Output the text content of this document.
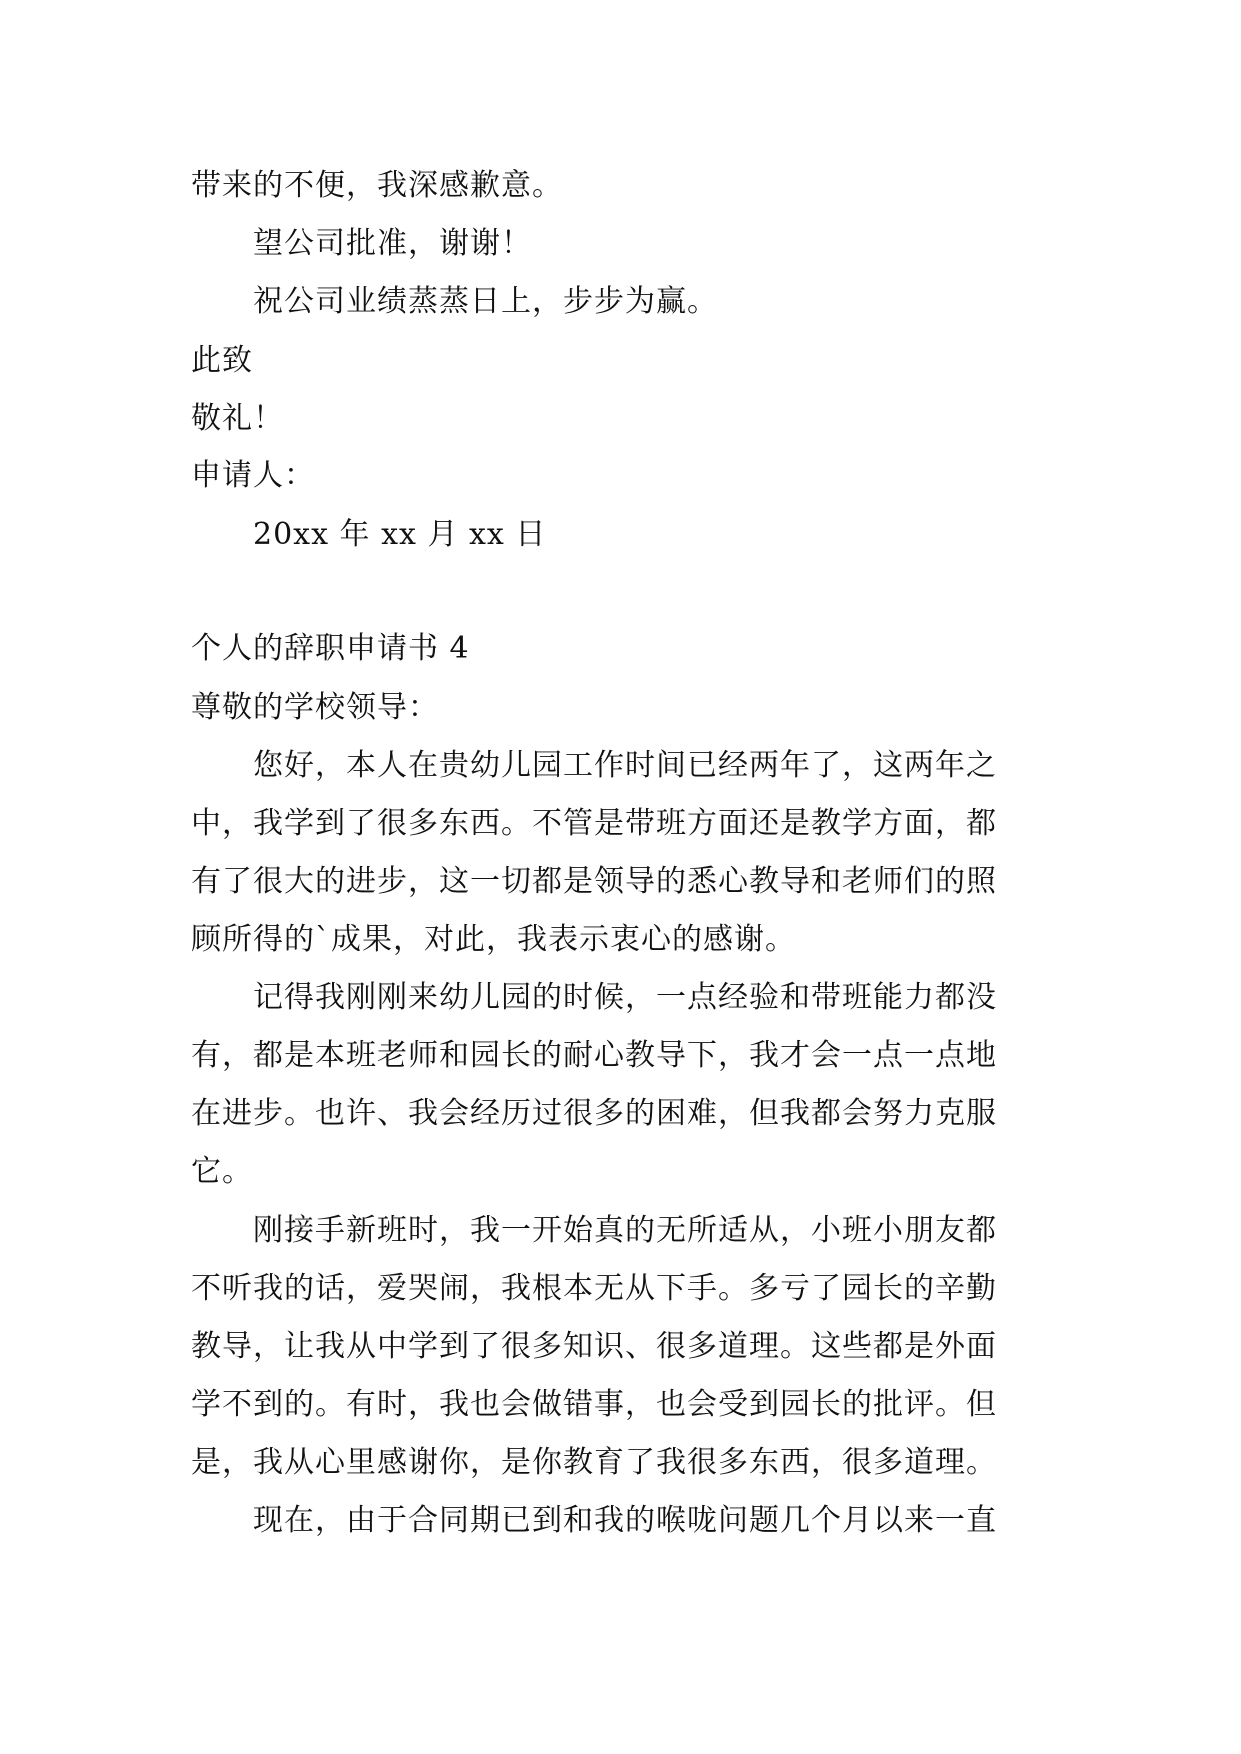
带来的不便，我深感歉意。
望公司批准，谢谢！
祝公司业绩蒸蒸日上，步步为赢。
此致
敬礼！
申请人：
20xx 年 xx 月 xx 日
个人的辞职申请书 4
尊敬的学校领导：
您好，本人在贵幼儿园工作时间已经两年了，这两年之
中，我学到了很多东西。不管是带班方面还是教学方面，都
有了很大的进步，这一切都是领导的悉心教导和老师们的照
顾所得的`成果，对此，我表示衷心的感谢。
记得我刚刚来幼儿园的时候，一点经验和带班能力都没
有，都是本班老师和园长的耐心教导下，我才会一点一点地
在进步。也许、我会经历过很多的困难，但我都会努力克服
它。
刚接手新班时，我一开始真的无所适从，小班小朋友都
不听我的话，爱哭闹，我根本无从下手。多亏了园长的辛勤
教导，让我从中学到了很多知识、很多道理。这些都是外面
学不到的。有时，我也会做错事，也会受到园长的批评。但
是，我从心里感谢你，是你教育了我很多东西，很多道理。
现在，由于合同期已到和我的喉咙问题几个月以来一直
